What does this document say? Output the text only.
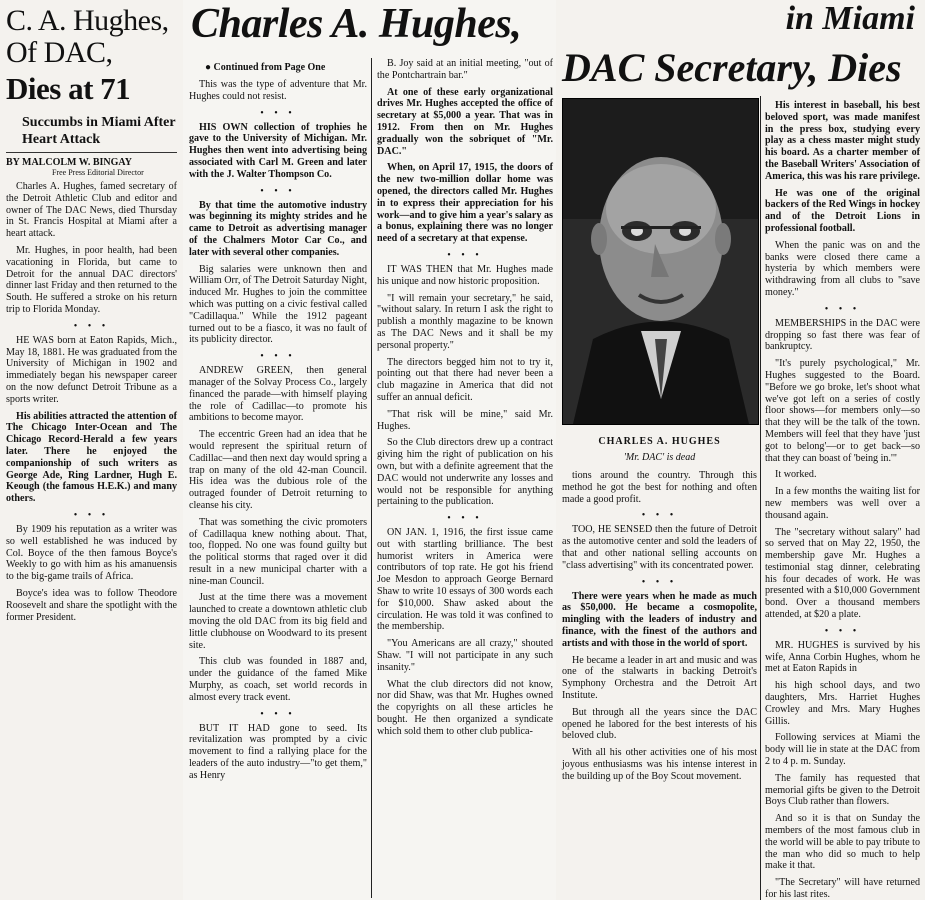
C. A. Hughes,
Of DAC,
Dies at 71
Succumbs in Miami After Heart Attack
BY MALCOLM W. BINGAY
Free Press Editorial Director

Charles A. Hughes, famed secretary of the Detroit Athletic Club and editor and owner of The DAC News, died Thursday in St. Francis Hospital at Miami after a heart attack.

Mr. Hughes, in poor health, had been vacationing in Florida, but came to Detroit for the annual DAC directors' dinner last Friday and then returned to the South. He suffered a stroke on his return trip to Florida Monday.

• • •

HE WAS born at Eaton Rapids, Mich., May 18, 1881. He was graduated from the University of Michigan in 1902 and immediately began his newspaper career on the now defunct Detroit Tribune as a sports writer.

His abilities attracted the attention of The Chicago Inter-Ocean and The Chicago Record-Herald a few years later. There he enjoyed the companionship of such writers as George Ade, Ring Lardner, Hugh E. Keough (the famous H.E.K.) and many others.

• • •

By 1909 his reputation as a writer was so well established he was induced by Col. Boyce of the then famous Boyce's Weekly to go with him as his amanuensis to the big-game trails of Africa.

Boyce's idea was to follow Theodore Roosevelt and share the spotlight with the former President.

Charles A. Hughes,
● Continued from Page One

This was the type of adventure that Mr. Hughes could not resist.

• • •

HIS OWN collection of trophies he gave to the University of Michigan. Mr. Hughes then went into advertising being associated with Carl M. Green and later with the J. Walter Thompson Co.

• • •

By that time the automotive industry was beginning its mighty strides and he came to Detroit as advertising manager of the Chalmers Motor Car Co., and later with several other companies.

Big salaries were unknown then and William Orr, of The Detroit Saturday Night, induced Mr. Hughes to join the committee which was putting on a civic festival called "Cadillaqua." While the 1912 pageant turned out to be a fiasco, it was no fault of its publicity director.

• • •

ANDREW GREEN, then general manager of the Solvay Process Co., largely financed the parade—with himself playing the role of Cadillac—to promote his ambitions to become mayor.

The eccentric Green had an idea that he would represent the spiritual return of Cadillac—and then next day would spring a trap on many of the old 42-man Council. His idea was the dubious role of the outraged founder of Detroit returning to cleanse his city.

That was something the civic promoters of Cadillaqua knew nothing about. That, too, flopped. No one was found guilty but the political storms that raged over it did result in a new municipal charter with a nine-man Council.

Just at the time there was a movement launched to create a downtown athletic club moving the old DAC from its big field and little clubhouse on Woodward to its present site.

This club was founded in 1887 and, under the guidance of the famed Mike Murphy, as coach, set world records in almost every track event.

• • •

BUT IT HAD gone to seed. Its revitalization was prompted by a civic movement to find a rallying place for the leaders of the auto industry—"to get them," as Henry

B. Joy said at an initial meeting, "out of the Pontchartrain bar."

At one of these early organizational drives Mr. Hughes accepted the office of secretary at $5,000 a year. That was in 1912. From then on Mr. Hughes gradually won the sobriquet of "Mr. DAC."

When, on April 17, 1915, the doors of the new two-million dollar home was opened, the directors called Mr. Hughes in to express their appreciation for his work—and to give him a year's salary as a bonus, explaining there was no longer need of a secretary at that expense.

• • •

IT WAS THEN that Mr. Hughes made his unique and now historic proposition.

"I will remain your secretary," he said, "without salary. In return I ask the right to publish a monthly magazine to be known as The DAC News and it shall be my personal property."

The directors begged him not to try it, pointing out that there had never been a club magazine in America that did not suffer an annual deficit.

"That risk will be mine," said Mr. Hughes.

So the Club directors drew up a contract giving him the right of publication on his own, but with a definite agreement that the DAC would not underwrite any losses and would not be responsible for anything pertaining to the publication.

• • •

ON JAN. 1, 1916, the first issue came out with startling brilliance. The best humorist writers in America were contributors of top rate. He got his friend Joe Mesdon to approach George Bernard Shaw to write 10 essays of 300 words each for $10,000. Shaw asked about the circulation. He was told it was confined to the membership.

"You Americans are all crazy," shouted Shaw. "I will not participate in any such insanity."

What the club directors did not know, nor did Shaw, was that Mr. Hughes owned the copyrights on all these articles he bought. He then organized a syndicate which sold them to other club publica-

in Miami
DAC Secretary, Dies
CHARLES A. HUGHES
'Mr. DAC' is dead

tions around the country. Through this method he got the best for nothing and often made a good profit.

• • •

TOO, HE SENSED then the future of Detroit as the automotive center and sold the leaders of that and other national selling accounts on "class advertising" with its concentrated power.

• • •

There were years when he made as much as $50,000. He became a cosmopolite, mingling with the leaders of industry and finance, with the finest of the authors and artists and with those in the world of sport.

He became a leader in art and music and was one of the stalwarts in backing Detroit's Symphony Orchestra and the Detroit Art Institute.

But through all the years since the DAC opened he labored for the best interests of his beloved club.

With all his other activities one of his most joyous enthusiasms was his intense interest in the building up of the Boy Scout movement.

His interest in baseball, his best beloved sport, was made manifest in the press box, studying every play as a chess master might study his board. As a charter member of the Baseball Writers' Association of America, this was his rare privilege.

He was one of the original backers of the Red Wings in hockey and of the Detroit Lions in professional football.

When the panic was on and the banks were closed there came a hysteria by which members were withdrawing from all clubs to "save money."

• • •

MEMBERSHIPS in the DAC were dropping so fast there was fear of bankruptcy.

"It's purely psychological," Mr. Hughes suggested to the Board. "Before we go broke, let's shoot what we've got left on a series of costly floor shows—for members only—so that they will be the talk of the town. Members will feel that they have 'just got to belong'—or to get back—so that they can boast of 'being in.'"

It worked.

In a few months the waiting list for new members was well over a thousand again.

The "secretary without salary" had so served that on May 22, 1950, the membership gave Mr. Hughes a testimonial stag dinner, celebrating his four decades of work. He was presented with a $10,000 Government bond. Over a thousand members attended, at $20 a plate.

• • •

MR. HUGHES is survived by his wife, Anna Corbin Hughes, whom he met at Eaton Rapids in

his high school days, and two daughters, Mrs. Harriet Hughes Crowley and Mrs. Mary Hughes Gillis.

Following services at Miami the body will lie in state at the DAC from 2 to 4 p. m. Sunday.

The family has requested that memorial gifts be given to the Detroit Boys Club rather than flowers.

And so it is that on Sunday the members of the most famous club in the world will be able to pay tribute to the man who did so much to help make it that.

"The Secretary" will have returned for his last rites.
